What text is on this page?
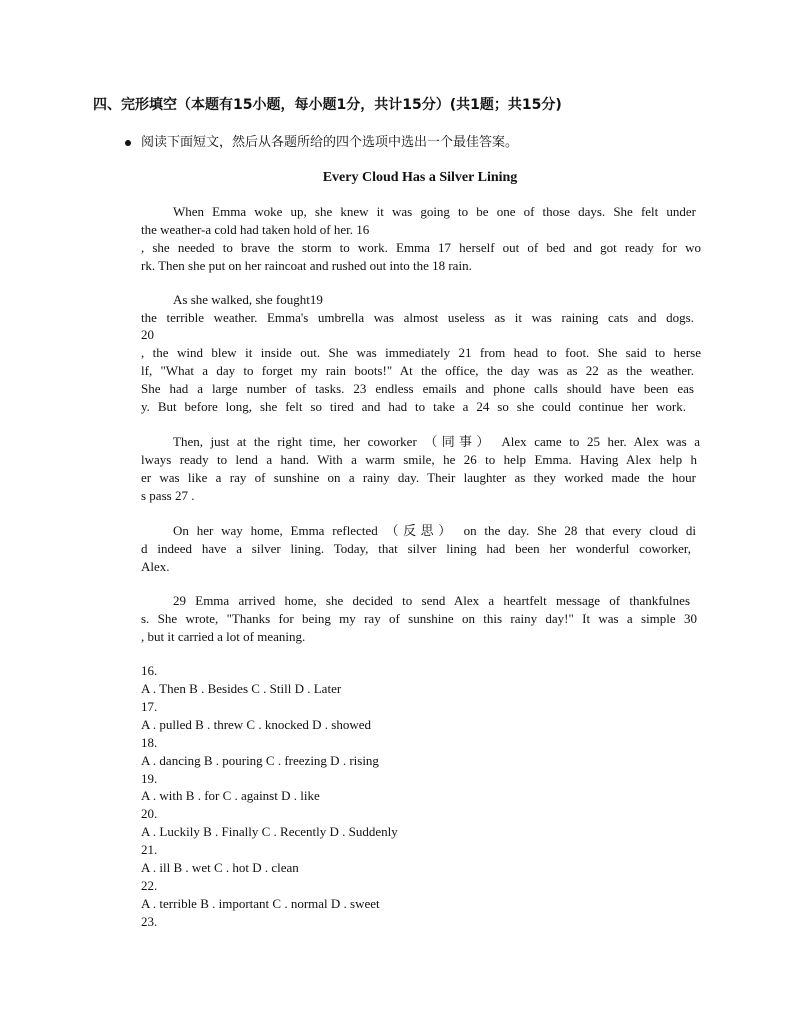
四、完形填空（本题有15小题，每小题1分，共计15分）(共1题；共15分)
阅读下面短文，然后从各题所给的四个选项中选出一个最佳答案。
Every Cloud Has a Silver Lining
When Emma woke up, she knew it was going to be one of those days. She felt under
the weather-a cold had taken hold of her. 16
, she needed to brave the storm to work. Emma 17 herself out of bed and got ready for wo
rk. Then she put on her raincoat and rushed out into the 18 rain.
As she walked, she fought19
the terrible weather. Emma's umbrella was almost useless as it was raining cats and dogs.
20
, the wind blew it inside out. She was immediately 21 from head to foot. She said to herse
lf, "What a day to forget my rain boots!" At the office, the day was as 22 as the weather.
She had a large number of tasks. 23 endless emails and phone calls should have been eas
y. But before long, she felt so tired and had to take a 24 so she could continue her work.
Then, just at the right time, her coworker （同事） Alex came to 25 her. Alex was a
lways ready to lend a hand. With a warm smile, he 26 to help Emma. Having Alex help h
er was like a ray of sunshine on a rainy day. Their laughter as they worked made the hour
s pass 27 .
On her way home, Emma reflected （反思） on the day. She 28 that every cloud di
d indeed have a silver lining. Today, that silver lining had been her wonderful coworker,
Alex.
29 Emma arrived home, she decided to send Alex a heartfelt message of thankfulnes
s. She wrote, "Thanks for being my ray of sunshine on this rainy day!" It was a simple 30
, but it carried a lot of meaning.
16.
A . Then B . Besides C . Still D . Later
17.
A . pulled B . threw C . knocked D . showed
18.
A . dancing B . pouring C . freezing D . rising
19.
A . with B . for C . against D . like
20.
A . Luckily B . Finally C . Recently D . Suddenly
21.
A . ill B . wet C . hot D . clean
22.
A . terrible B . important C . normal D . sweet
23.
